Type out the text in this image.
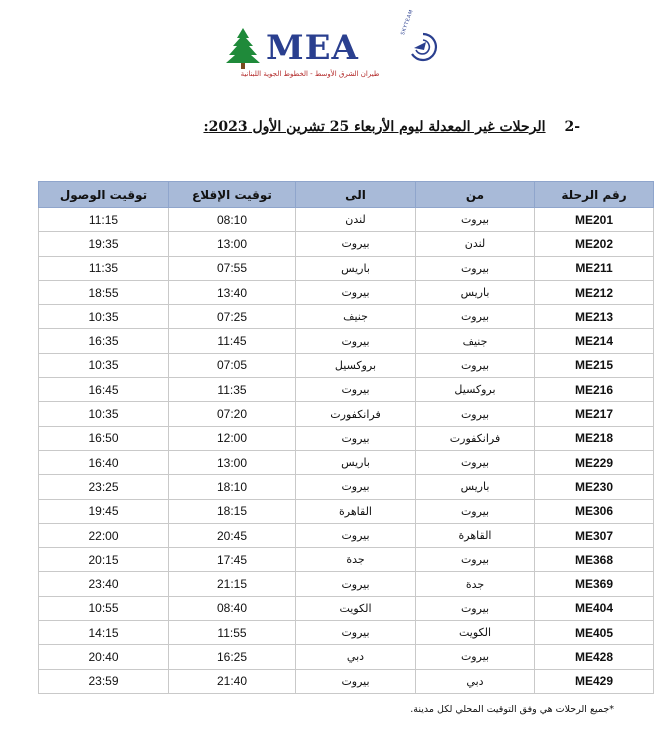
MEA
طيران الشرق الأوسط - الخطوط الجوية اللبنانية
SKYTEAM
-2 الرحلات غير المعدلة ليوم الأربعاء 25 تشرين الأول 2023:
رقم الرحلة	من	الى	توقيت الإقلاع	توقيت الوصول
ME201	بيروت	لندن	08:10	11:15
ME202	لندن	بيروت	13:00	19:35
ME211	بيروت	باريس	07:55	11:35
ME212	باريس	بيروت	13:40	18:55
ME213	بيروت	جنيف	07:25	10:35
ME214	جنيف	بيروت	11:45	16:35
ME215	بيروت	بروكسيل	07:05	10:35
ME216	بروكسيل	بيروت	11:35	16:45
ME217	بيروت	فرانكفورت	07:20	10:35
ME218	فرانكفورت	بيروت	12:00	16:50
ME229	بيروت	باريس	13:00	16:40
ME230	باريس	بيروت	18:10	23:25
ME306	بيروت	القاهرة	18:15	19:45
ME307	القاهرة	بيروت	20:45	22:00
ME368	بيروت	جدة	17:45	20:15
ME369	جدة	بيروت	21:15	23:40
ME404	بيروت	الكويت	08:40	10:55
ME405	الكويت	بيروت	11:55	14:15
ME428	بيروت	دبي	16:25	20:40
ME429	دبي	بيروت	21:40	23:59
*جميع الرحلات هي وفق التوقيت المحلي لكل مدينة.
